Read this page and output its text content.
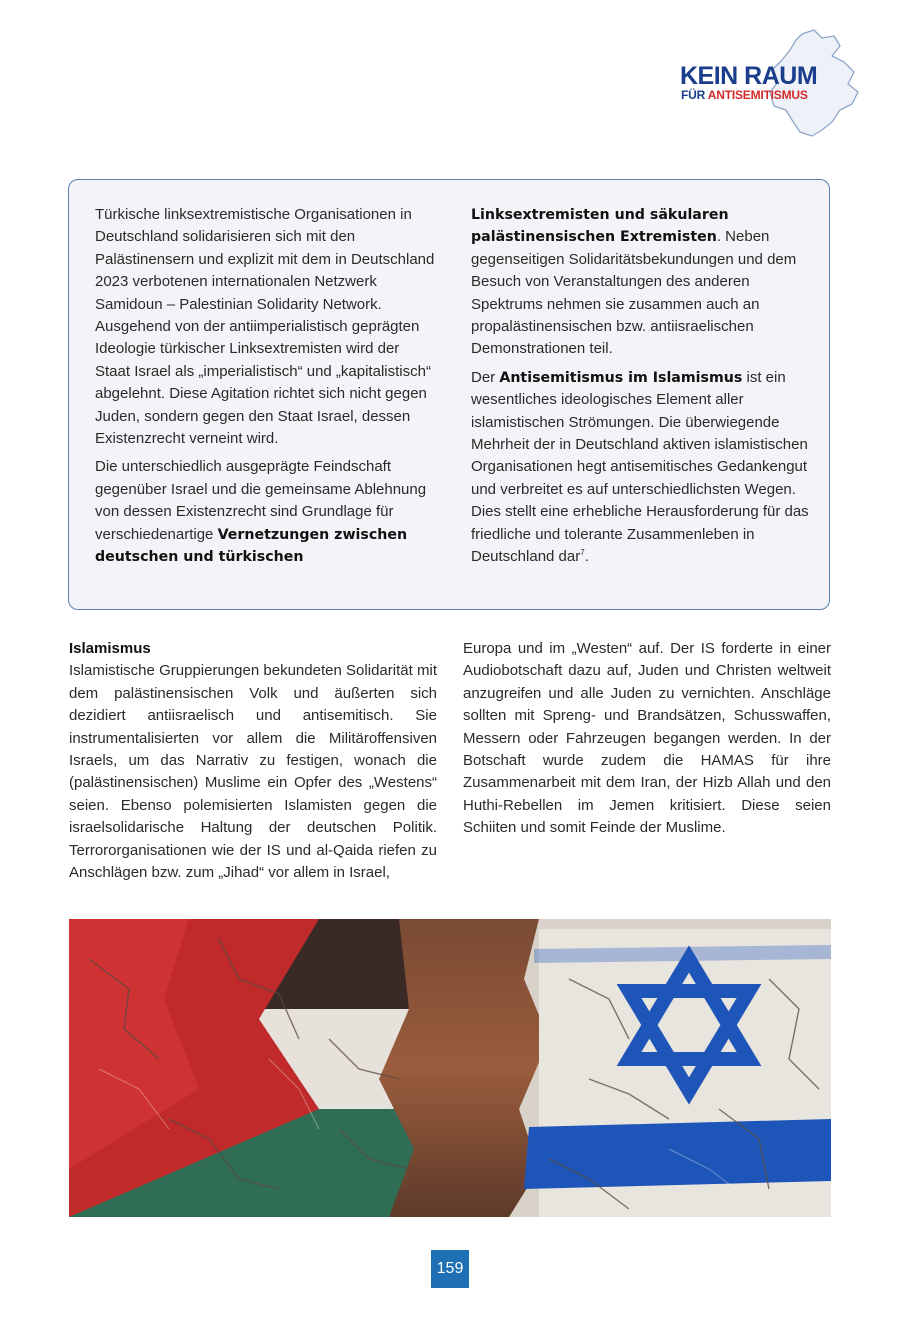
KEIN RAUM
FÜR ANTISEMITISMUS

Türkische linksextremistische Organisationen in Deutschland solidarisieren sich mit den Palästinensern und explizit mit dem in Deutschland 2023 verbotenen internationalen Netzwerk Samidoun – Palestinian Solidarity Network. Ausgehend von der antiimperialistisch geprägten Ideologie türkischer Linksextremisten wird der Staat Israel als „imperialistisch“ und „kapitalistisch“ abgelehnt. Diese Agitation richtet sich nicht gegen Juden, sondern gegen den Staat Israel, dessen Existenzrecht verneint wird.

Die unterschiedlich ausgeprägte Feindschaft gegenüber Israel und die gemeinsame Ablehnung von dessen Existenzrecht sind Grundlage für verschiedenartige Vernetzungen zwischen deutschen und türkischen

Linksextremisten und säkularen palästinensischen Extremisten. Neben gegenseitigen Solidaritätsbekundungen und dem Besuch von Veranstaltungen des anderen Spektrums nehmen sie zusammen auch an propalästinensischen bzw. antiisraelischen Demonstrationen teil.

Der Antisemitismus im Islamismus ist ein wesentliches ideologisches Element aller islamistischen Strömungen. Die überwiegende Mehrheit der in Deutschland aktiven islamistischen Organisationen hegt antisemitisches Gedankengut und verbreitet es auf unterschiedlichsten Wegen. Dies stellt eine erhebliche Herausforderung für das friedliche und tolerante Zusammenleben in Deutschland dar$^7$.

Islamismus

Islamistische Gruppierungen bekundeten Solidarität mit dem palästinensischen Volk und äußerten sich dezidiert antiisraelisch und antisemitisch. Sie instrumentalisierten vor allem die Militäroffensiven Israels, um das Narrativ zu festigen, wonach die (palästinensischen) Muslime ein Opfer des „Westens“ seien. Ebenso polemisierten Islamisten gegen die israelsolidarische Haltung der deutschen Politik. Terrororganisationen wie der IS und al-Qaida riefen zu Anschlägen bzw. zum „Jihad“ vor allem in Israel,

Europa und im „Westen“ auf. Der IS forderte in einer Audiobotschaft dazu auf, Juden und Christen weltweit anzugreifen und alle Juden zu vernichten. Anschläge sollten mit Spreng- und Brandsätzen, Schusswaffen, Messern oder Fahrzeugen begangen werden. In der Botschaft wurde zudem die HAMAS für ihre Zusammenarbeit mit dem Iran, der Hizb Allah und den Huthi-Rebellen im Jemen kritisiert. Diese seien Schiiten und somit Feinde der Muslime.

159
